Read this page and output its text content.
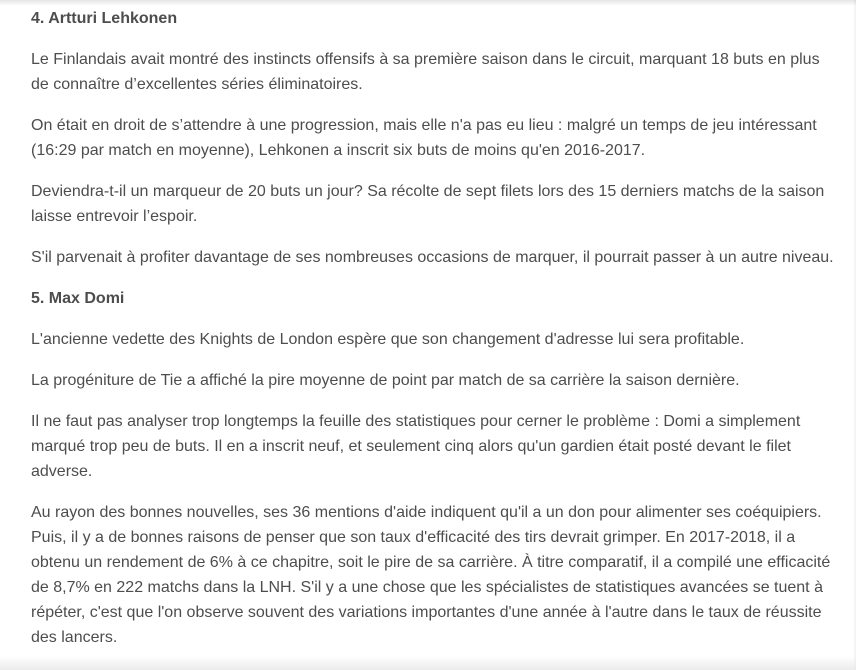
4. Artturi Lehkonen

Le Finlandais avait montré des instincts offensifs à sa première saison dans le circuit, marquant 18 buts en plus de connaître d’excellentes séries éliminatoires.

On était en droit de s’attendre à une progression, mais elle n'a pas eu lieu : malgré un temps de jeu intéressant (16:29 par match en moyenne), Lehkonen a inscrit six buts de moins qu'en 2016-2017.

Deviendra-t-il un marqueur de 20 buts un jour? Sa récolte de sept filets lors des 15 derniers matchs de la saison laisse entrevoir l’espoir.

S'il parvenait à profiter davantage de ses nombreuses occasions de marquer, il pourrait passer à un autre niveau.

5. Max Domi

L'ancienne vedette des Knights de London espère que son changement d'adresse lui sera profitable.

La progéniture de Tie a affiché la pire moyenne de point par match de sa carrière la saison dernière.

Il ne faut pas analyser trop longtemps la feuille des statistiques pour cerner le problème : Domi a simplement marqué trop peu de buts. Il en a inscrit neuf, et seulement cinq alors qu'un gardien était posté devant le filet adverse.

Au rayon des bonnes nouvelles, ses 36 mentions d'aide indiquent qu'il a un don pour alimenter ses coéquipiers. Puis, il y a de bonnes raisons de penser que son taux d'efficacité des tirs devrait grimper. En 2017-2018, il a obtenu un rendement de 6% à ce chapitre, soit le pire de sa carrière. À titre comparatif, il a compilé une efficacité de 8,7% en 222 matchs dans la LNH. S'il y a une chose que les spécialistes de statistiques avancées se tuent à répéter, c'est que l'on observe souvent des variations importantes d'une année à l'autre dans le taux de réussite des lancers.
